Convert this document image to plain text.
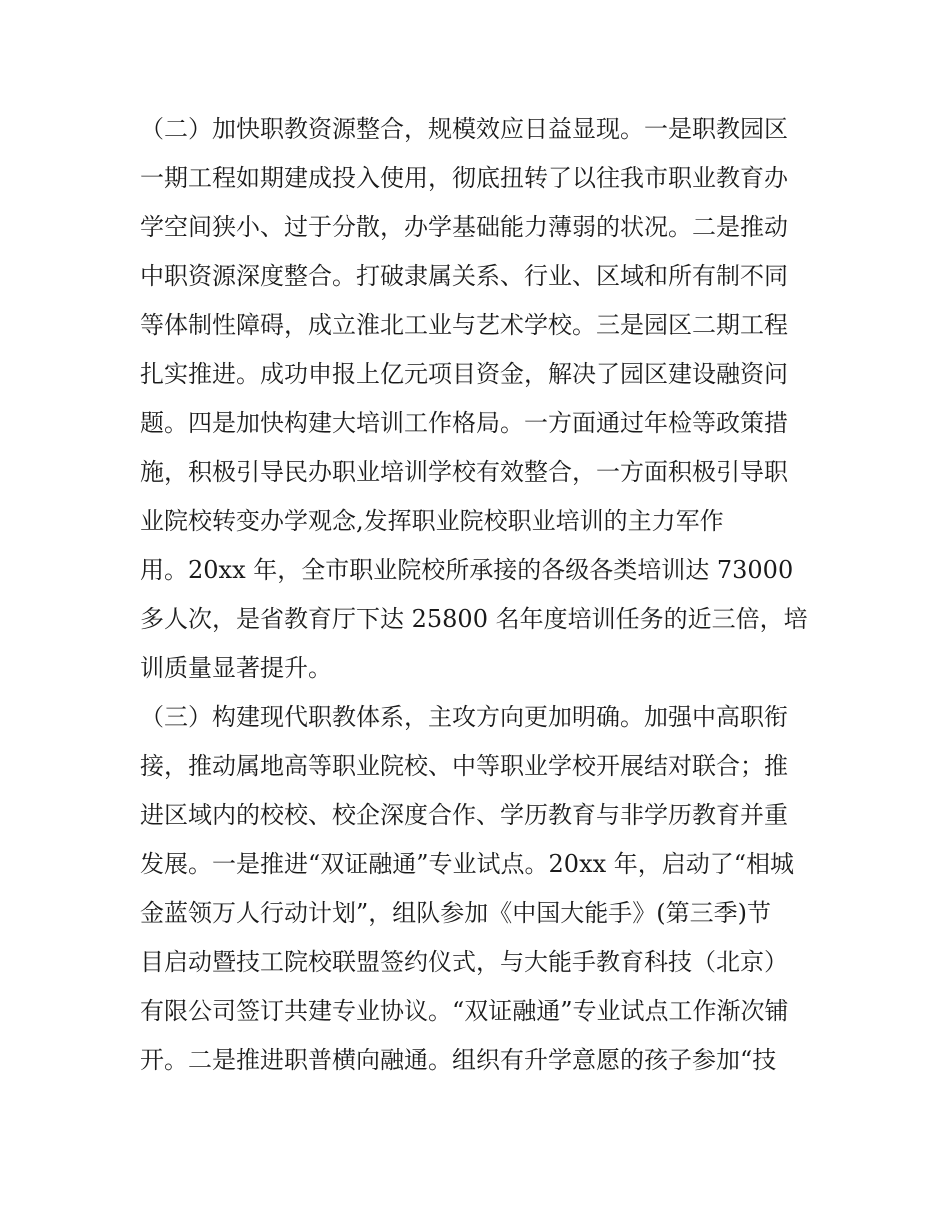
（二）加快职教资源整合，规模效应日益显现。一是职教园区
一期工程如期建成投入使用，彻底扭转了以往我市职业教育办
学空间狭小、过于分散，办学基础能力薄弱的状况。二是推动
中职资源深度整合。打破隶属关系、行业、区域和所有制不同
等体制性障碍，成立淮北工业与艺术学校。三是园区二期工程
扎实推进。成功申报上亿元项目资金，解决了园区建设融资问
题。四是加快构建大培训工作格局。一方面通过年检等政策措
施，积极引导民办职业培训学校有效整合，一方面积极引导职
业院校转变办学观念,发挥职业院校职业培训的主力军作
用。20xx 年，全市职业院校所承接的各级各类培训达 73000
多人次，是省教育厅下达 25800 名年度培训任务的近三倍，培
训质量显著提升。
（三）构建现代职教体系，主攻方向更加明确。加强中高职衔
接，推动属地高等职业院校、中等职业学校开展结对联合；推
进区域内的校校、校企深度合作、学历教育与非学历教育并重
发展。一是推进“双证融通”专业试点。20xx 年，启动了“相城
金蓝领万人行动计划”，组队参加《中国大能手》(第三季)节
目启动暨技工院校联盟签约仪式，与大能手教育科技（北京）
有限公司签订共建专业协议。“双证融通”专业试点工作渐次铺
开。二是推进职普横向融通。组织有升学意愿的孩子参加“技
